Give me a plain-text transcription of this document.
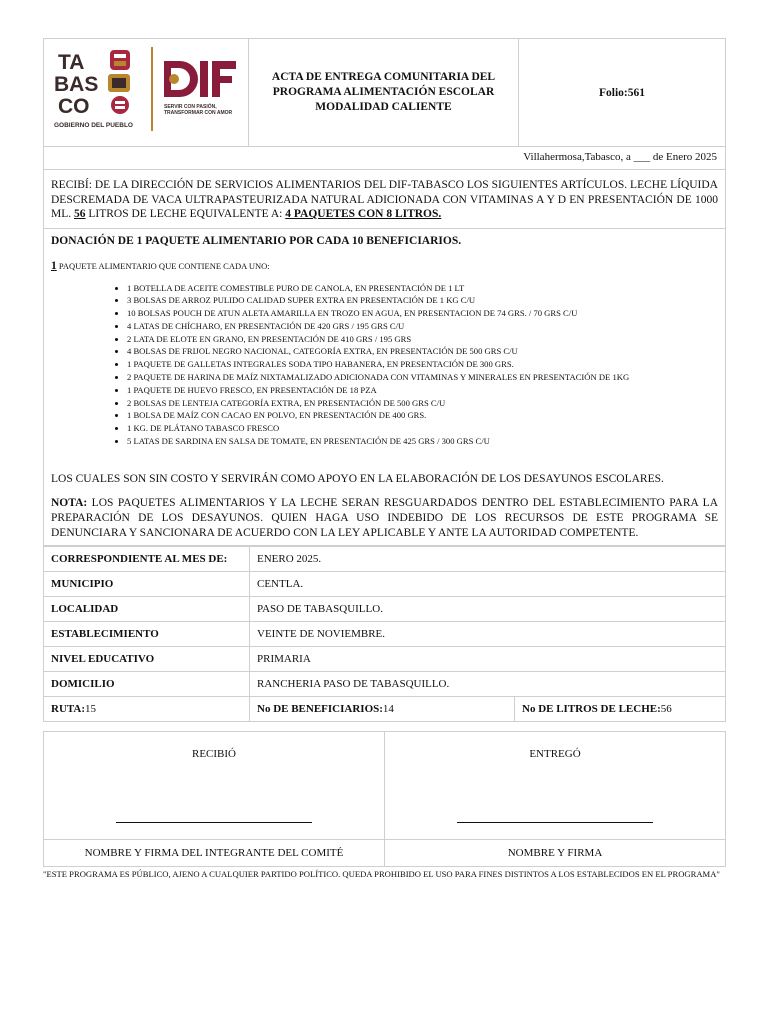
TA
BAS
CO
GOBIERNO DEL PUEBLO
SERVIR CON PASIÓN,
TRANSFORMAR CON AMOR

ACTA DE ENTREGA COMUNITARIA DEL
PROGRAMA ALIMENTACIÓN ESCOLAR
MODALIDAD CALIENTE
	Folio:561
Villahermosa,Tabasco, a ___ de Enero 2025
RECIBÍ: DE LA DIRECCIÓN DE SERVICIOS ALIMENTARIOS DEL DIF-TABASCO LOS SIGUIENTES ARTÍCULOS. LECHE LÍQUIDA DESCREMADA DE VACA ULTRAPASTEURIZADA NATURAL ADICIONADA CON VITAMINAS A Y D EN PRESENTACIÓN DE 1000 ML. 56 LITROS DE LECHE EQUIVALENTE A: 4 PAQUETES CON 8 LITROS.
DONACIÓN DE 1 PAQUETE ALIMENTARIO POR CADA 10 BENEFICIARIOS.
1 PAQUETE ALIMENTARIO QUE CONTIENE CADA UNO:
• 1 BOTELLA DE ACEITE COMESTIBLE PURO DE CANOLA, EN PRESENTACIÓN DE 1 LT
• 3 BOLSAS DE ARROZ PULIDO CALIDAD SUPER EXTRA EN PRESENTACIÓN DE 1 KG C/U
• 10 BOLSAS POUCH DE ATUN ALETA AMARILLA EN TROZO EN AGUA, EN PRESENTACION DE 74 GRS. / 70 GRS C/U
• 4 LATAS DE CHÍCHARO, EN PRESENTACIÓN DE 420 GRS / 195 GRS C/U
• 2 LATA DE ELOTE EN GRANO, EN PRESENTACIÓN DE 410 GRS / 195 GRS
• 4 BOLSAS DE FRIJOL NEGRO NACIONAL, CATEGORÍA EXTRA, EN PRESENTACIÓN DE 500 GRS C/U
• 1 PAQUETE DE GALLETAS INTEGRALES SODA TIPO HABANERA, EN PRESENTACIÓN DE 300 GRS.
• 2 PAQUETE DE HARINA DE MAÍZ NIXTAMALIZADO ADICIONADA CON VITAMINAS Y MINERALES EN PRESENTACIÓN DE 1KG
• 1 PAQUETE DE HUEVO FRESCO, EN PRESENTACIÓN DE 18 PZA
• 2 BOLSAS DE LENTEJA CATEGORÍA EXTRA, EN PRESENTACIÓN DE 500 GRS C/U
• 1 BOLSA DE MAÍZ CON CACAO EN POLVO, EN PRESENTACIÓN DE 400 GRS.
• 1 KG. DE PLÁTANO TABASCO FRESCO
• 5 LATAS DE SARDINA EN SALSA DE TOMATE, EN PRESENTACIÓN DE 425 GRS / 300 GRS C/U

LOS CUALES SON SIN COSTO Y SERVIRÁN COMO APOYO EN LA ELABORACIÓN DE LOS DESAYUNOS ESCOLARES.

NOTA: LOS PAQUETES ALIMENTARIOS Y LA LECHE SERAN RESGUARDADOS DENTRO DEL ESTABLECIMIENTO PARA LA PREPARACIÓN DE LOS DESAYUNOS. QUIEN HAGA USO INDEBIDO DE LOS RECURSOS DE ESTE PROGRAMA SE DENUNCIARA Y SANCIONARA DE ACUERDO CON LA LEY APLICABLE Y ANTE LA AUTORIDAD COMPETENTE.

CORRESPONDIENTE AL MES DE:	ENERO 2025.	
MUNICIPIO	CENTLA.	
LOCALIDAD	PASO DE TABASQUILLO.	
ESTABLECIMIENTO	VEINTE DE NOVIEMBRE.	
NIVEL EDUCATIVO	PRIMARIA	
DOMICILIO	RANCHERIA PASO DE TABASQUILLO.	
RUTA:15	No DE BENEFICIARIOS:14	No DE LITROS DE LECHE:56
RECIBIÓ	ENTREGÓ

NOMBRE Y FIRMA DEL INTEGRANTE DEL COMITÉ	NOMBRE Y FIRMA
"ESTE PROGRAMA ES PÚBLICO, AJENO A CUALQUIER PARTIDO POLÍTICO. QUEDA PROHIBIDO EL USO PARA FINES DISTINTOS A LOS ESTABLECIDOS EN EL PROGRAMA"
